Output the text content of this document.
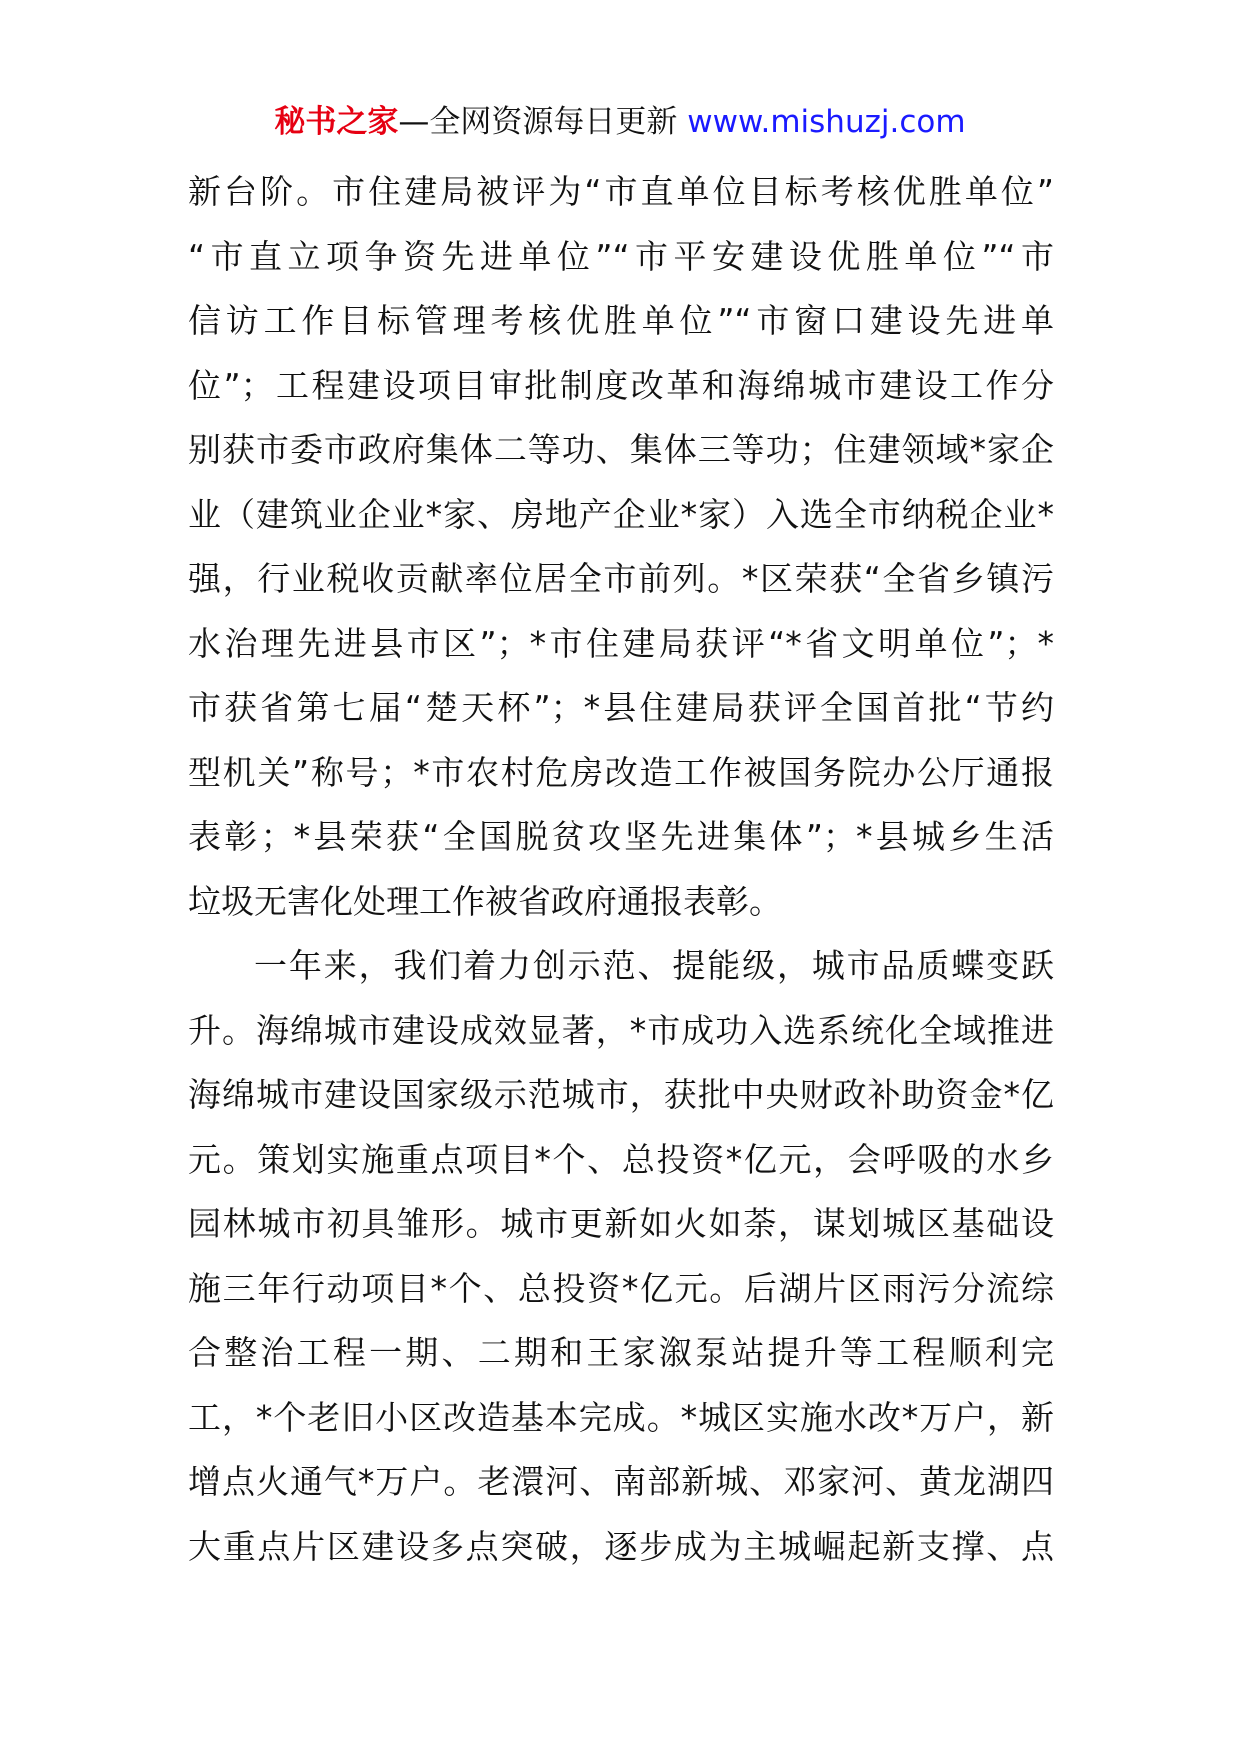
秘书之家—全网资源每日更新 www.mishuzj.com
新台阶。市住建局被评为“市直单位目标考核优胜单位”
“市直立项争资先进单位”“市平安建设优胜单位”“市
信访工作目标管理考核优胜单位”“市窗口建设先进单
位”；工程建设项目审批制度改革和海绵城市建设工作分
别获市委市政府集体二等功、集体三等功；住建领域*家企
业（建筑业企业*家、房地产企业*家）入选全市纳税企业*
强，行业税收贡献率位居全市前列。*区荣获“全省乡镇污
水治理先进县市区”；*市住建局获评“*省文明单位”；*
市获省第七届“楚天杯”；*县住建局获评全国首批“节约
型机关”称号；*市农村危房改造工作被国务院办公厅通报
表彰；*县荣获“全国脱贫攻坚先进集体”；*县城乡生活
垃圾无害化处理工作被省政府通报表彰。
一年来，我们着力创示范、提能级，城市品质蝶变跃
升。海绵城市建设成效显著，*市成功入选系统化全域推进
海绵城市建设国家级示范城市，获批中央财政补助资金*亿
元。策划实施重点项目*个、总投资*亿元，会呼吸的水乡
园林城市初具雏形。城市更新如火如荼，谋划城区基础设
施三年行动项目*个、总投资*亿元。后湖片区雨污分流综
合整治工程一期、二期和王家溆泵站提升等工程顺利完
工，*个老旧小区改造基本完成。*城区实施水改*万户，新
增点火通气*万户。老澴河、南部新城、邓家河、黄龙湖四
大重点片区建设多点突破，逐步成为主城崛起新支撑、点
